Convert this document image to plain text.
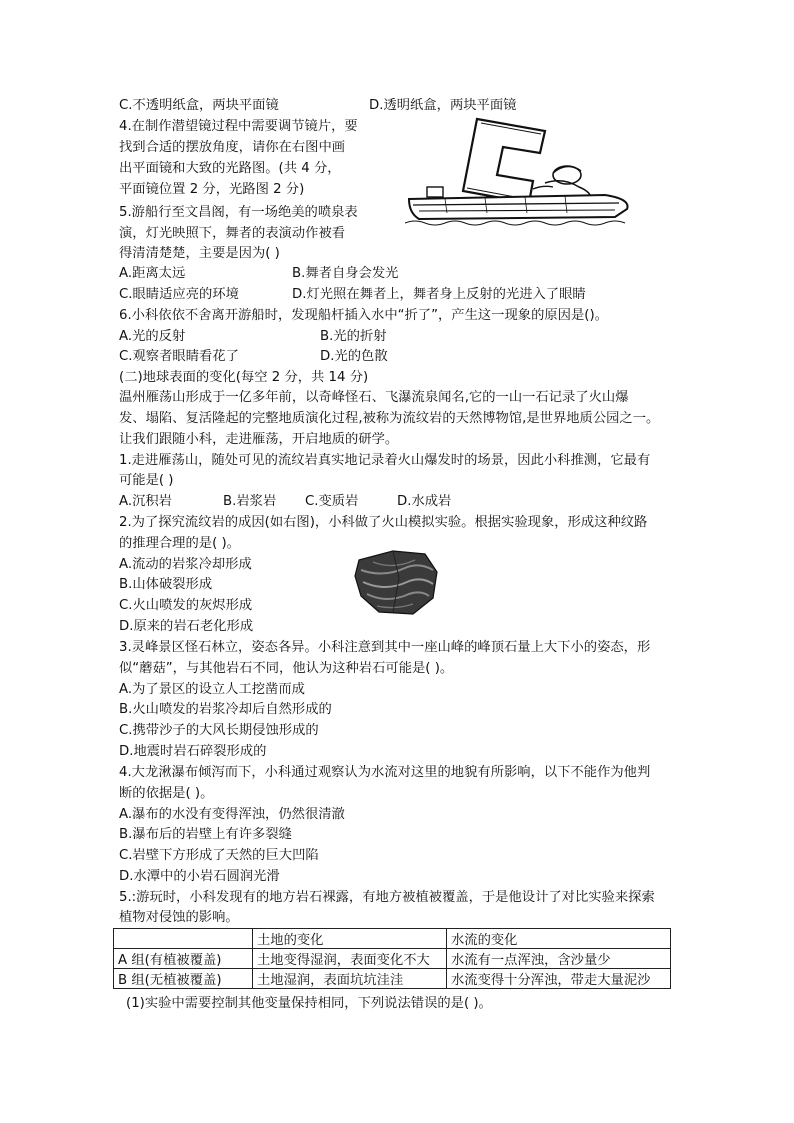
C.不透明纸盒，两块平面镜	D.透明纸盒，两块平面镜
4.在制作潜望镜过程中需要调节镜片，要
找到合适的摆放角度，请你在右图中画
出平面镜和大致的光路图。(共 4 分，
平面镜位置 2 分，光路图 2 分)
5.游船行至文昌阁，有一场绝美的喷泉表
演，灯光映照下，舞者的表演动作被看
得清清楚楚，主要是因为( )
A.距离太远	B.舞者自身会发光
C.眼睛适应亮的环境	D.灯光照在舞者上，舞者身上反射的光进入了眼睛
6.小科依依不舍离开游船时，发现船杆插入水中“折了”，产生这一现象的原因是()。
A.光的反射	B.光的折射
C.观察者眼睛看花了	D.光的色散
(二)地球表面的变化(每空 2 分，共 14 分)
温州雁荡山形成于一亿多年前，以奇峰怪石、飞瀑流泉闻名,它的一山一石记录了火山爆
发、塌陷、复活隆起的完整地质演化过程,被称为流纹岩的天然博物馆,是世界地质公园之一。
让我们跟随小科，走进雁荡，开启地质的研学。
1.走进雁荡山，随处可见的流纹岩真实地记录着火山爆发时的场景，因此小科推测，它最有
可能是( )
A.沉积岩	B.岩浆岩 C.变质岩	D.水成岩
2.为了探究流纹岩的成因(如右图)，小科做了火山模拟实验。根据实验现象，形成这种纹路
的推理合理的是( )。
A.流动的岩浆冷却形成
B.山体破裂形成
C.火山喷发的灰烬形成
D.原来的岩石老化形成
3.灵峰景区怪石林立，姿态各异。小科注意到其中一座山峰的峰顶石量上大下小的姿态，形
似“蘑菇”，与其他岩石不同，他认为这种岩石可能是( )。
A.为了景区的设立人工挖凿而成
B.火山喷发的岩浆冷却后自然形成的
C.携带沙子的大风长期侵蚀形成的
D.地震时岩石碎裂形成的
4.大龙湫瀑布倾泻而下，小科通过观察认为水流对这里的地貌有所影响，以下不能作为他判
断的依据是( )。
A.瀑布的水没有变得浑浊，仍然很清澈
B.瀑布后的岩壁上有许多裂缝
C.岩壁下方形成了天然的巨大凹陷
D.水潭中的小岩石圆润光滑
5.:游玩时，小科发现有的地方岩石裸露，有地方被植被覆盖，于是他设计了对比实验来探索
植物对侵蚀的影响。
	土地的变化	水流的变化
A 组(有植被覆盖)	土地变得湿润，表面变化不大	水流有一点浑浊，含沙量少
B 组(无植被覆盖)	土地湿润，表面坑坑洼洼	水流变得十分浑浊，带走大量泥沙
(1)实验中需要控制其他变量保持相同，下列说法错误的是( )。
